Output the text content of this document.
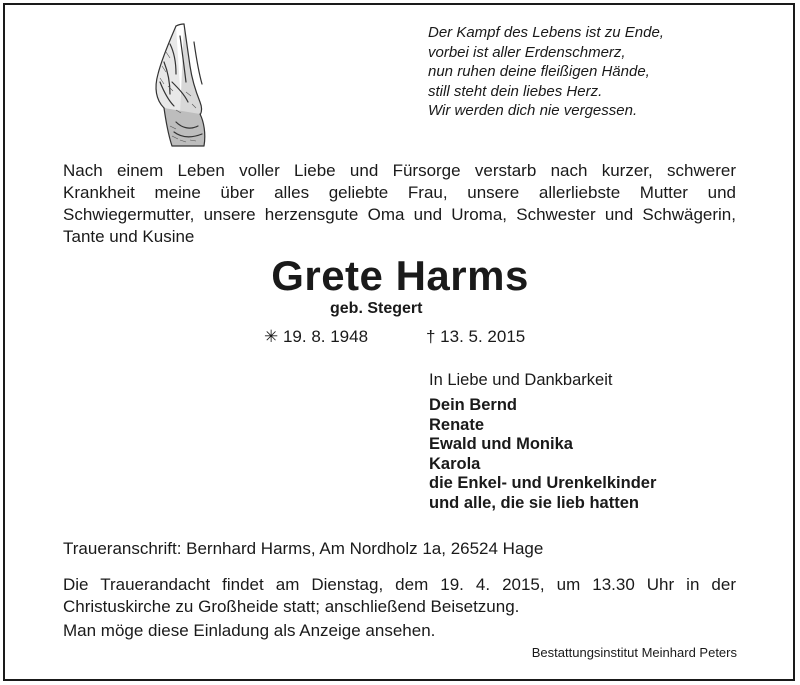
Der Kampf des Lebens ist zu Ende,
vorbei ist aller Erdenschmerz,
nun ruhen deine fleißigen Hände,
still steht dein liebes Herz.
Wir werden dich nie vergessen.
Nach einem Leben voller Liebe und Fürsorge verstarb nach kurzer, schwerer
Krankheit meine über alles geliebte Frau, unsere allerliebste Mutter und
Schwiegermutter, unsere herzensgute Oma und Uroma, Schwester und Schwägerin,
Tante und Kusine
Grete Harms
geb. Stegert
✳ 19. 8. 1948	† 13. 5. 2015
In Liebe und Dankbarkeit
Dein Bernd
Renate
Ewald und Monika
Karola
die Enkel- und Urenkelkinder
und alle, die sie lieb hatten
Traueranschrift: Bernhard Harms, Am Nordholz 1a, 26524 Hage
Die Trauerandacht findet am Dienstag, dem 19. 4. 2015, um 13.30 Uhr in der
Christuskirche zu Großheide statt; anschließend Beisetzung.
Man möge diese Einladung als Anzeige ansehen.
Bestattungsinstitut Meinhard Peters
